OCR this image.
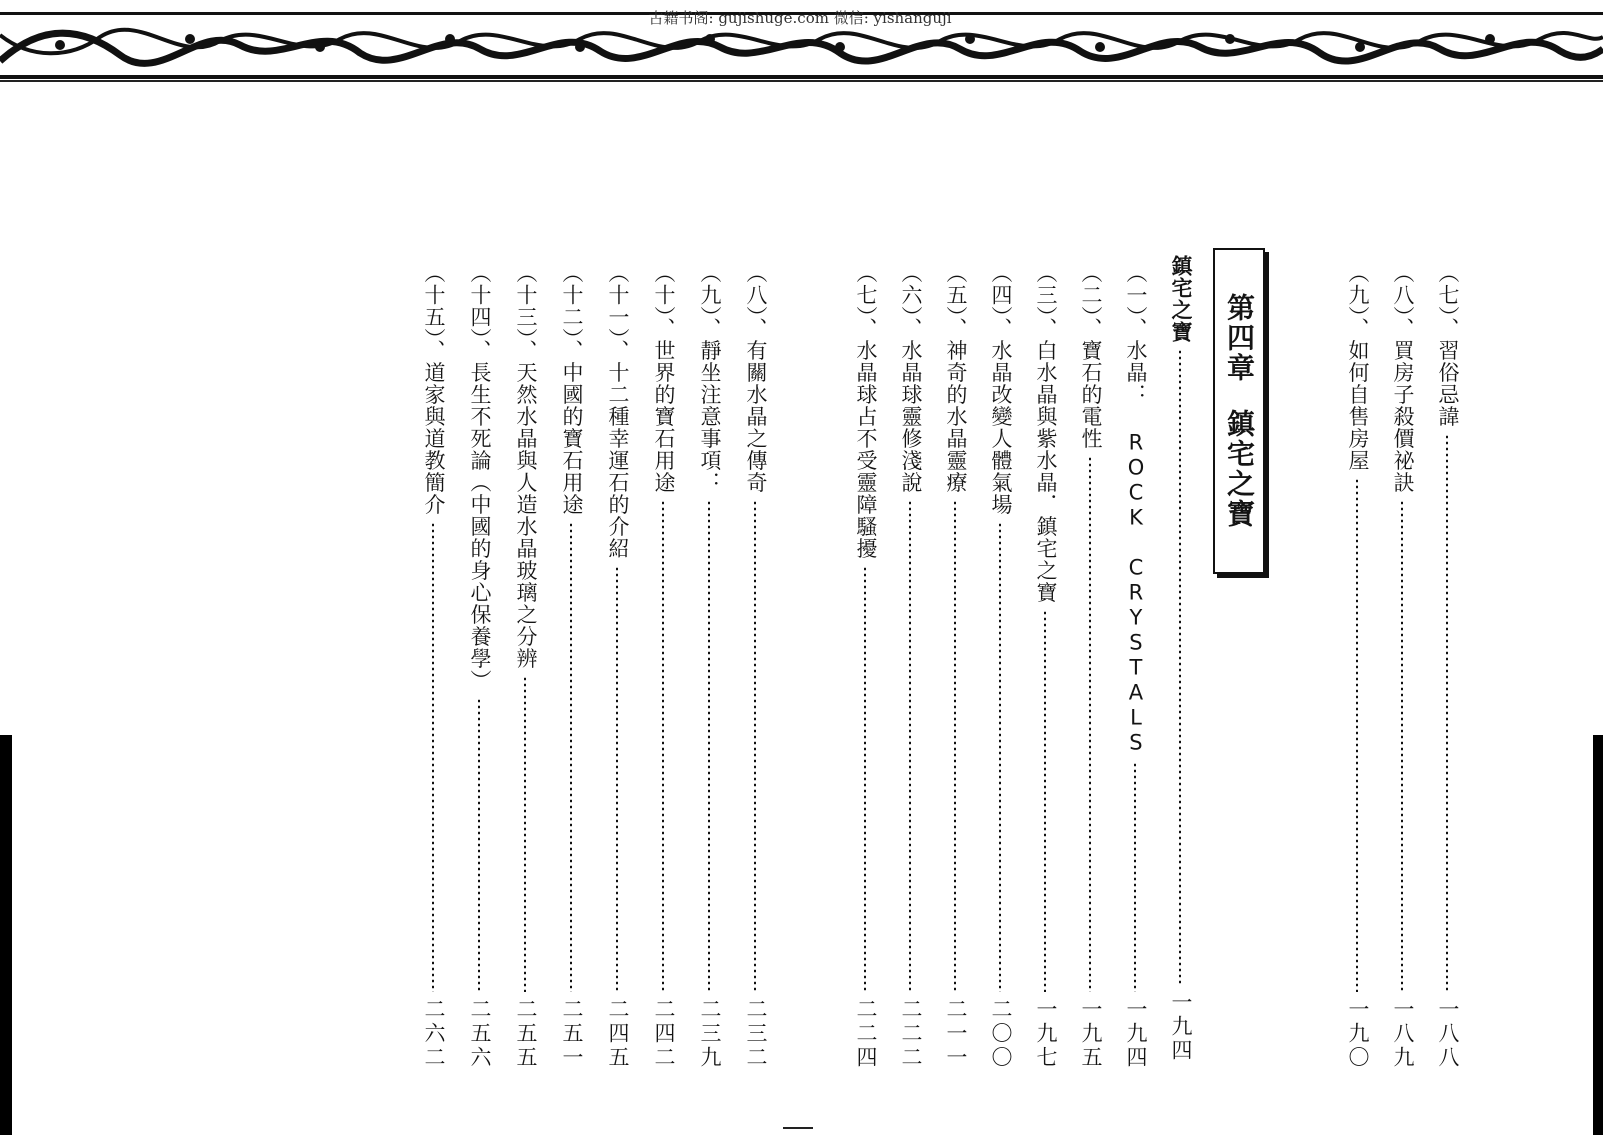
古籍书阁: gujishuge.com 微信: yishanguji
（七）、習俗忌諱
一八八
（八）、買房子殺價祕訣
一八九
（九）、如何自售房屋
一九〇
第四章鎮宅之寶
鎮宅之寶
一九四
（一）、水晶： ROCK CRYSTALS
一九四
（二）、寶石的電性
一九五
（三）、白水晶與紫水晶．鎮宅之寶
一九七
（四）、水晶改變人體氣場
二〇〇
（五）、神奇的水晶靈療
二一一
（六）、水晶球靈修淺說
二二二
（七）、水晶球占不受靈障騷擾
二二四
（八）、有關水晶之傳奇
二三二
（九）、靜坐注意事項：
二三九
（十）、世界的寶石用途
二四二
（十一）、十二種幸運石的介紹
二四五
（十二）、中國的寶石用途
二五一
（十三）、天然水晶與人造水晶玻璃之分辨
二五五
（十四）、長生不死論（中國的身心保養學）
二五六
（十五）、道家與道教簡介
二六二
